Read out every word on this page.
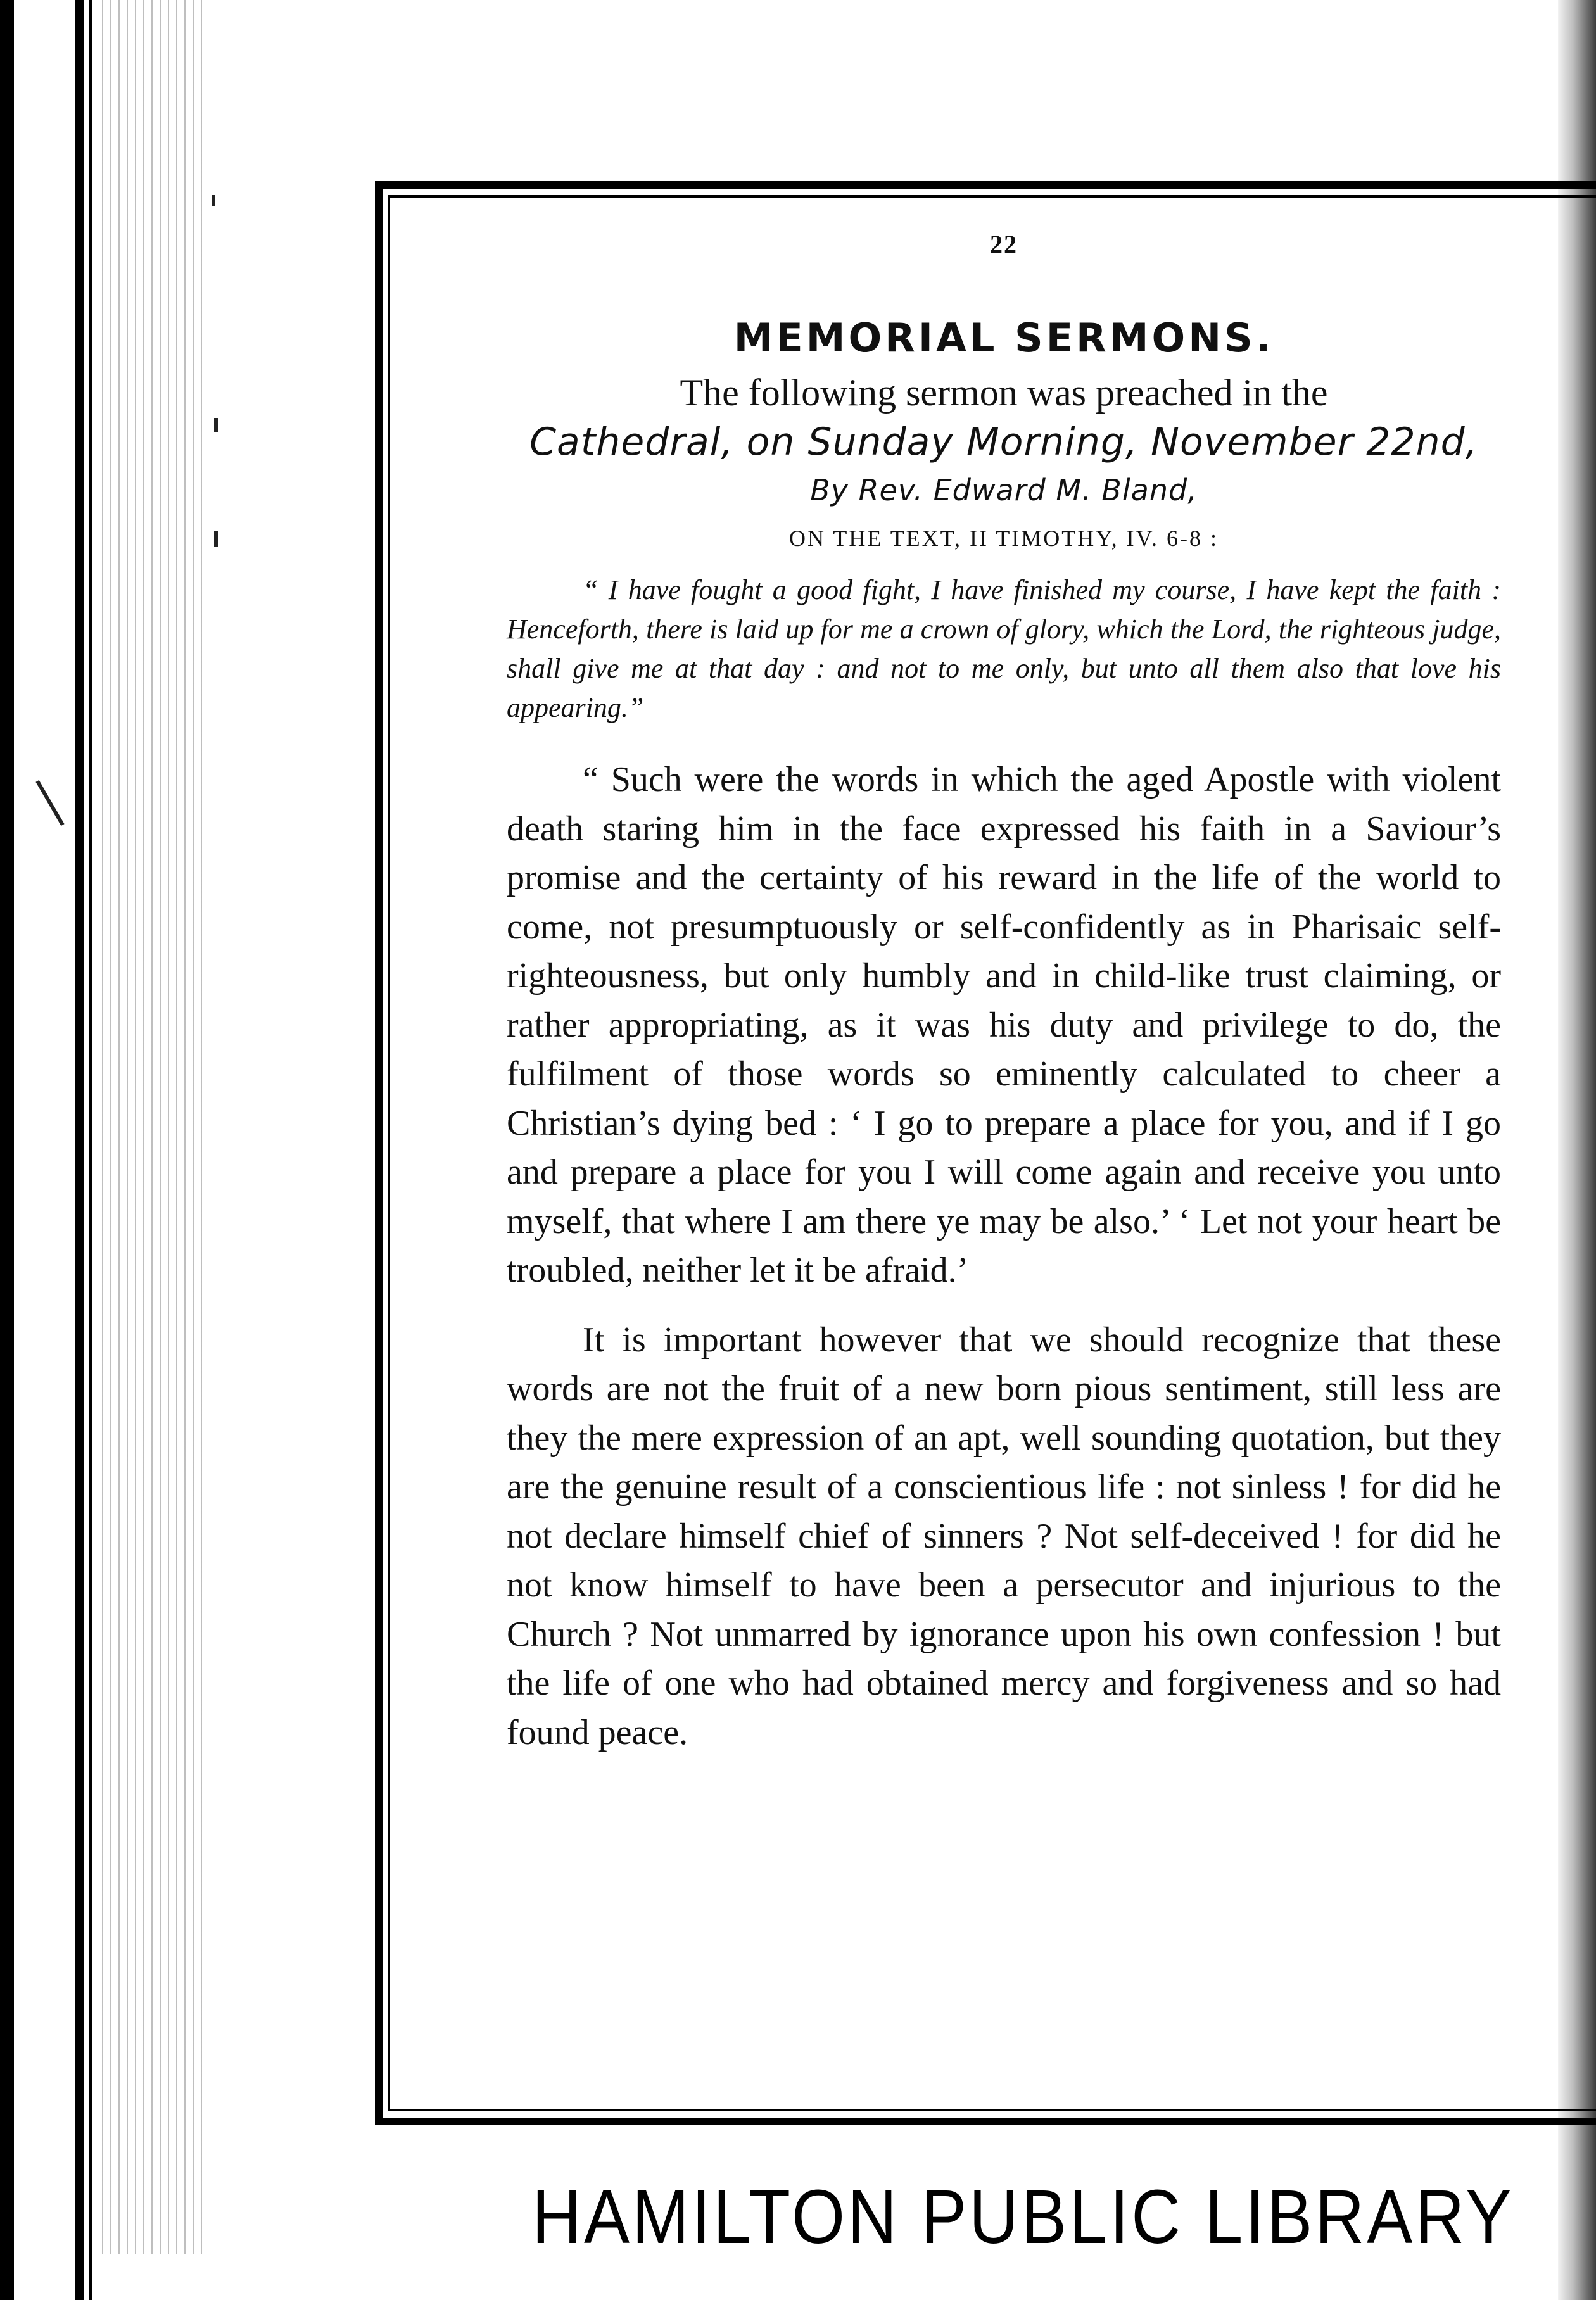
22
MEMORIAL SERMONS.
The following sermon was preached in the
Cathedral, on Sunday Morning, November 22nd,
By Rev. Edward M. Bland,
ON THE TEXT, II TIMOTHY, IV. 6-8 :

“ I have fought a good fight, I have finished my course, I have kept the faith : Henceforth, there is laid up for me a crown of glory, which the Lord, the righteous judge, shall give me at that day : and not to me only, but unto all them also that love his appearing.”

“ Such were the words in which the aged Apostle with violent death staring him in the face expressed his faith in a Saviour’s promise and the certainty of his reward in the life of the world to come, not presumptuously or self-confidently as in Pharisaic self-righteousness, but only humbly and in child-like trust claiming, or rather appropriating, as it was his duty and privilege to do, the fulfilment of those words so eminently calculated to cheer a Christian’s dying bed : ‘ I go to prepare a place for you, and if I go and prepare a place for you I will come again and receive you unto myself, that where I am there ye may be also.’ ‘ Let not your heart be troubled, neither let it be afraid.’

It is important however that we should recognize that these words are not the fruit of a new born pious sentiment, still less are they the mere expression of an apt, well sounding quotation, but they are the genuine result of a conscientious life : not sinless ! for did he not declare himself chief of sinners ? Not self-deceived ! for did he not know himself to have been a persecutor and injurious to the Church ? Not unmarred by ignorance upon his own confession ! but the life of one who had obtained mercy and forgiveness and so had found peace.

HAMILTON PUBLIC LIBRARY
